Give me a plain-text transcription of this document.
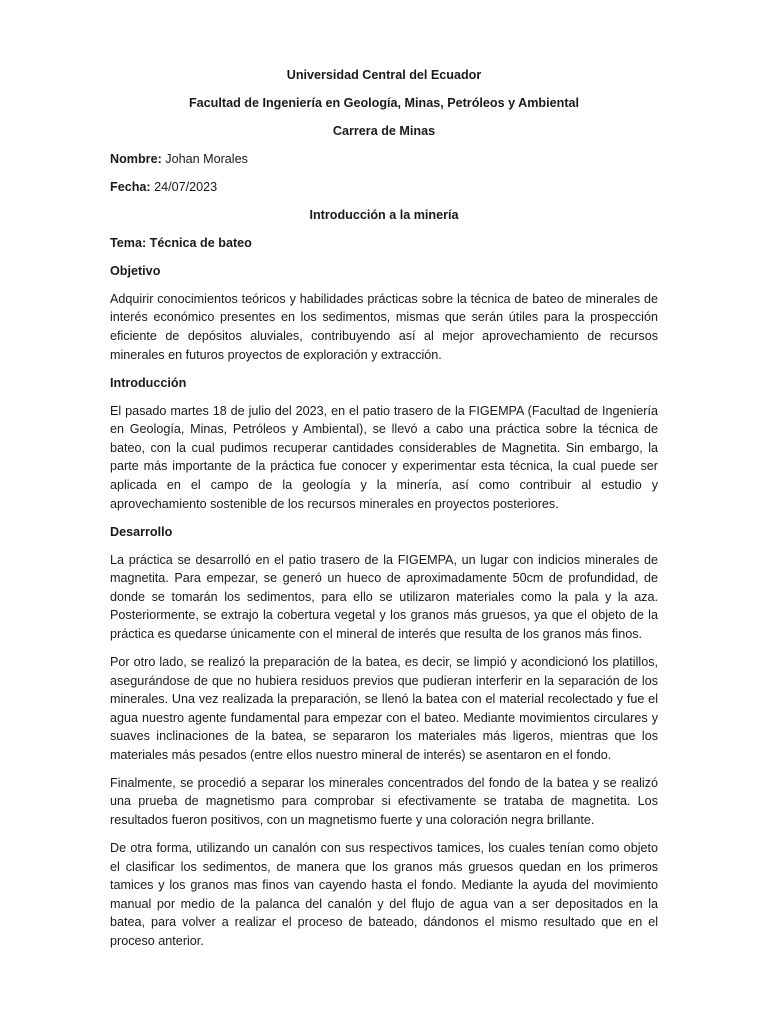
Universidad Central del Ecuador
Facultad de Ingeniería en Geología, Minas, Petróleos y Ambiental
Carrera de Minas
Nombre: Johan Morales
Fecha: 24/07/2023
Introducción a la minería
Tema: Técnica de bateo
Objetivo
Adquirir conocimientos teóricos y habilidades prácticas sobre la técnica de bateo de minerales de interés económico presentes en los sedimentos, mismas que serán útiles para la prospección eficiente de depósitos aluviales, contribuyendo así al mejor aprovechamiento de recursos minerales en futuros proyectos de exploración y extracción.
Introducción
El pasado martes 18 de julio del 2023, en el patio trasero de la FIGEMPA (Facultad de Ingeniería en Geología, Minas, Petróleos y Ambiental), se llevó a cabo una práctica sobre la técnica de bateo, con la cual pudimos recuperar cantidades considerables de Magnetita. Sin embargo, la parte más importante de la práctica fue conocer y experimentar esta técnica, la cual puede ser aplicada en el campo de la geología y la minería, así como contribuir al estudio y aprovechamiento sostenible de los recursos minerales en proyectos posteriores.
Desarrollo
La práctica se desarrolló en el patio trasero de la FIGEMPA, un lugar con indicios minerales de magnetita. Para empezar, se generó un hueco de aproximadamente 50cm de profundidad, de donde se tomarán los sedimentos, para ello se utilizaron materiales como la pala y la aza. Posteriormente, se extrajo la cobertura vegetal y los granos más gruesos, ya que el objeto de la práctica es quedarse únicamente con el mineral de interés que resulta de los granos más finos.
Por otro lado, se realizó la preparación de la batea, es decir, se limpió y acondicionó los platillos, asegurándose de que no hubiera residuos previos que pudieran interferir en la separación de los minerales. Una vez realizada la preparación, se llenó la batea con el material recolectado y fue el agua nuestro agente fundamental para empezar con el bateo. Mediante movimientos circulares y suaves inclinaciones de la batea, se separaron los materiales más ligeros, mientras que los materiales más pesados (entre ellos nuestro mineral de interés) se asentaron en el fondo.
Finalmente, se procedió a separar los minerales concentrados del fondo de la batea y se realizó una prueba de magnetismo para comprobar si efectivamente se trataba de magnetita. Los resultados fueron positivos, con un magnetismo fuerte y una coloración negra brillante.
De otra forma, utilizando un canalón con sus respectivos tamices, los cuales tenían como objeto el clasificar los sedimentos, de manera que los granos más gruesos quedan en los primeros tamices y los granos mas finos van cayendo hasta el fondo. Mediante la ayuda del movimiento manual por medio de la palanca del canalón y del flujo de agua van a ser depositados en la batea, para volver a realizar el proceso de bateado, dándonos el mismo resultado que en el proceso anterior.
